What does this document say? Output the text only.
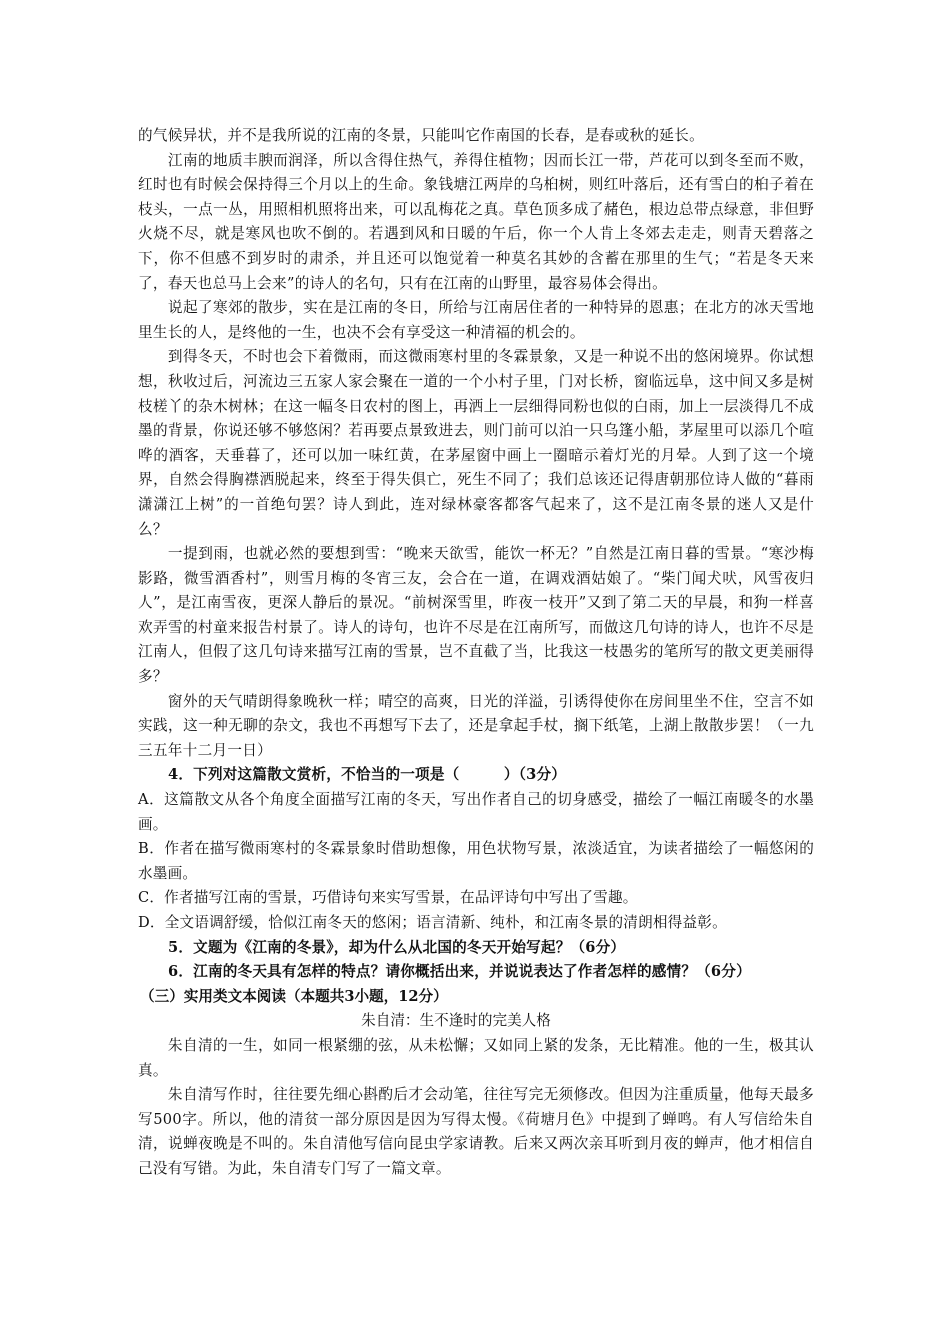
的气候异状，并不是我所说的江南的冬景，只能叫它作南国的长春，是春或秋的延长。

江南的地质丰腴而润泽，所以含得住热气，养得住植物；因而长江一带，芦花可以到冬至而不败，红时也有时候会保持得三个月以上的生命。象钱塘江两岸的乌桕树，则红叶落后，还有雪白的桕子着在枝头，一点一丛，用照相机照将出来，可以乱梅花之真。草色顶多成了赭色，根边总带点绿意，非但野火烧不尽，就是寒风也吹不倒的。若遇到风和日暖的午后，你一个人肯上冬郊去走走，则青天碧落之下，你不但感不到岁时的肃杀，并且还可以饱觉着一种莫名其妙的含蓄在那里的生气；“若是冬天来了，春天也总马上会来”的诗人的名句，只有在江南的山野里，最容易体会得出。

说起了寒郊的散步，实在是江南的冬日，所给与江南居住者的一种特异的恩惠；在北方的冰天雪地里生长的人，是终他的一生，也决不会有享受这一种清福的机会的。

到得冬天，不时也会下着微雨，而这微雨寒村里的冬霖景象，又是一种说不出的悠闲境界。你试想想，秋收过后，河流边三五家人家会聚在一道的一个小村子里，门对长桥，窗临远阜，这中间又多是树枝槎丫的杂木树林；在这一幅冬日农村的图上，再洒上一层细得同粉也似的白雨，加上一层淡得几不成墨的背景，你说还够不够悠闲？若再要点景致进去，则门前可以泊一只乌篷小船，茅屋里可以添几个喧哗的酒客，天垂暮了，还可以加一味红黄，在茅屋窗中画上一圈暗示着灯光的月晕。人到了这一个境界，自然会得胸襟洒脱起来，终至于得失俱亡，死生不同了；我们总该还记得唐朝那位诗人做的“暮雨潇潇江上树”的一首绝句罢？诗人到此，连对绿林豪客都客气起来了，这不是江南冬景的迷人又是什么？

一提到雨，也就必然的要想到雪：“晚来天欲雪，能饮一杯无？”自然是江南日暮的雪景。“寒沙梅影路，微雪酒香村”，则雪月梅的冬宵三友，会合在一道，在调戏酒姑娘了。“柴门闻犬吠，风雪夜归人”，是江南雪夜，更深人静后的景况。“前树深雪里，昨夜一枝开”又到了第二天的早晨，和狗一样喜欢弄雪的村童来报告村景了。诗人的诗句，也许不尽是在江南所写，而做这几句诗的诗人，也许不尽是江南人，但假了这几句诗来描写江南的雪景，岂不直截了当，比我这一枝愚劣的笔所写的散文更美丽得多？

窗外的天气晴朗得象晚秋一样；晴空的高爽，日光的洋溢，引诱得使你在房间里坐不住，空言不如实践，这一种无聊的杂文，我也不再想写下去了，还是拿起手杖，搁下纸笔，上湖上散散步罢！（一九三五年十二月一日）

4．下列对这篇散文赏析，不恰当的一项是（　　　）（3分）

A．这篇散文从各个角度全面描写江南的冬天，写出作者自己的切身感受，描绘了一幅江南暖冬的水墨画。

B．作者在描写微雨寒村的冬霖景象时借助想像，用色状物写景，浓淡适宜，为读者描绘了一幅悠闲的水墨画。

C．作者描写江南的雪景，巧借诗句来实写雪景，在品评诗句中写出了雪趣。

D．全文语调舒缓，恰似江南冬天的悠闲；语言清新、纯朴，和江南冬景的清朗相得益彰。

5．文题为《江南的冬景》，却为什么从北国的冬天开始写起？（6分）

6．江南的冬天具有怎样的特点？请你概括出来，并说说表达了作者怎样的感情？（6分）

（三）实用类文本阅读（本题共3小题，12分）

朱自清：生不逢时的完美人格

朱自清的一生，如同一根紧绷的弦，从未松懈；又如同上紧的发条，无比精准。他的一生，极其认真。

朱自清写作时，往往要先细心斟酌后才会动笔，往往写完无须修改。但因为注重质量，他每天最多写500字。所以，他的清贫一部分原因是因为写得太慢。《荷塘月色》中提到了蝉鸣。有人写信给朱自清，说蝉夜晚是不叫的。朱自清他写信向昆虫学家请教。后来又两次亲耳听到月夜的蝉声，他才相信自己没有写错。为此，朱自清专门写了一篇文章。
